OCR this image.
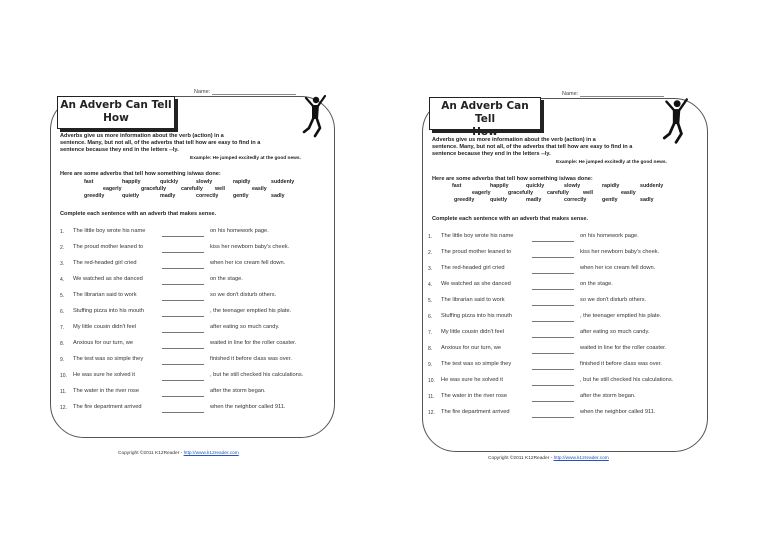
Name:
An Adverb Can Tell
How
Adverbs give us more information about the verb (action) in a
sentence. Many, but not all, of the adverbs that tell how are easy to find in a
sentence because they end in the letters --ly.
Example: He jumped excitedly at the good news.
Here are some adverbs that tell how something is/was done:
fast	happily	quickly	slowly	rapidly	suddenly
eagerly	gracefully	carefully well	easily
greedily	quietly	madly	correctly	gently	sadly
Complete each sentence with an adverb that makes sense.
1. The little boy wrote his name	on his homework page.
2. The proud mother leaned to	kiss her newborn baby's cheek.
3. The red-headed girl cried	when her ice cream fell down.
4. We watched as she danced	on the stage.
5. The librarian said to work	so we don't disturb others.
6. Stuffing pizza into his mouth	, the teenager emptied his plate.
7. My little cousin didn't feel	after eating so much candy.
8. Anxious for our turn, we	waited in line for the roller coaster.
9. The test was so simple they	finished it before class was over.
10. He was sure he solved it	, but he still checked his calculations.
11. The water in the river rose	after the storm began.
12. The fire department arrived	when the neighbor called 911.
Copyright ©2011 K12Reader - http://www.k12reader.com
Name:
An Adverb Can Tell
How
Adverbs give us more information about the verb (action) in a
sentence. Many, but not all, of the adverbs that tell how are easy to find in a
sentence because they end in the letters --ly.
Example: He jumped excitedly at the good news.
Here are some adverbs that tell how something is/was done:
fast	happily	quickly	slowly	rapidly	suddenly
eagerly	gracefully	carefully	well	easily
greedily	quietly	madly	correctly	gently	sadly
Complete each sentence with an adverb that makes sense.
1. The little boy wrote his name	on his homework page.
2. The proud mother leaned to	kiss her newborn baby's cheek.
3. The red-headed girl cried	when her ice cream fell down.
4. We watched as she danced	on the stage.
5. The librarian said to work	so we don't disturb others.
6. Stuffing pizza into his mouth	, the teenager emptied his plate.
7. My little cousin didn't feel	after eating so much candy.
8. Anxious for our turn, we	waited in line for the roller coaster.
9. The test was so simple they	finished it before class was over.
10. He was sure he solved it	, but he still checked his calculations.
11. The water in the river rose	after the storm began.
12. The fire department arrived	when the neighbor called 911.
Copyright ©2011 K12Reader - http://www.k12reader.com
